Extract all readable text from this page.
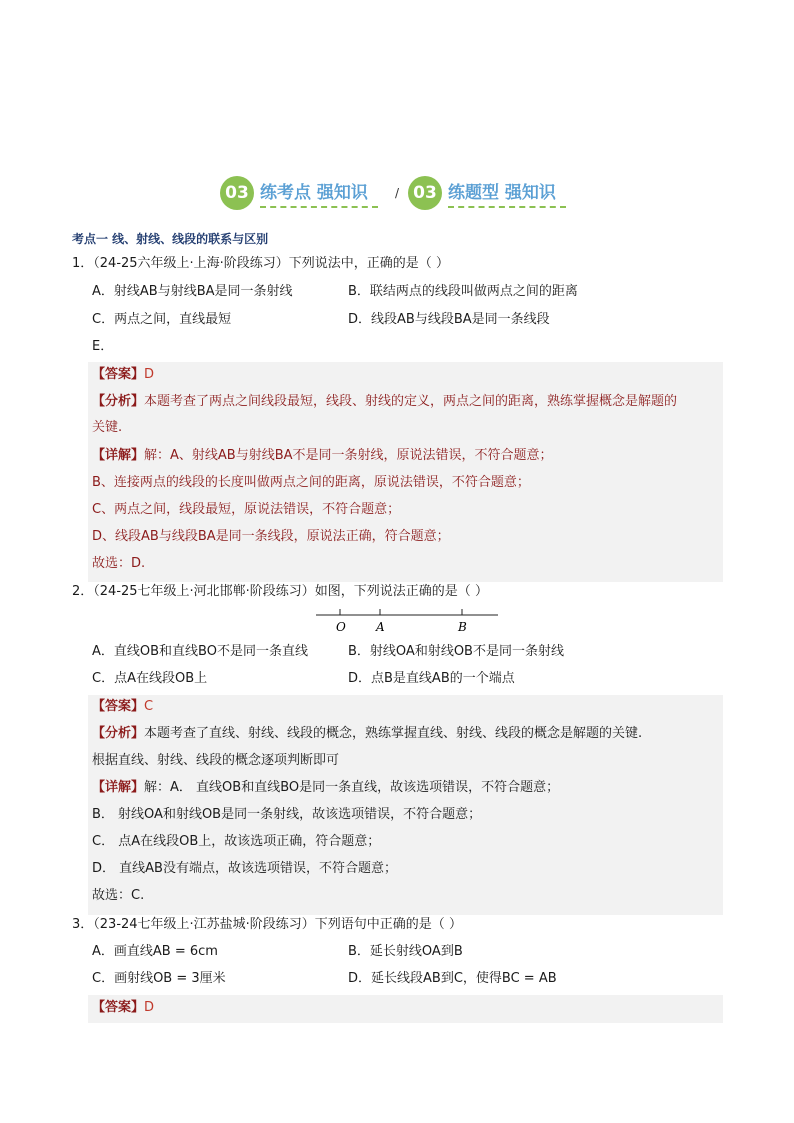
03 练考点 强知识	/ 03 练题型 强知识
考点一 线、射线、线段的联系与区别
1．（24-25六年级上·上海·阶段练习）下列说法中，正确的是（ ）
A．射线AB与射线BA是同一条射线	B．联结两点的线段叫做两点之间的距离
C．两点之间，直线最短	D．线段AB与线段BA是同一条线段
E．
【答案】D
【分析】本题考查了两点之间线段最短，线段、射线的定义，两点之间的距离，熟练掌握概念是解题的
关键.
【详解】解：A、射线AB与射线BA不是同一条射线，原说法错误，不符合题意；
B、连接两点的线段的长度叫做两点之间的距离，原说法错误，不符合题意；
C、两点之间，线段最短，原说法错误，不符合题意；
D、线段AB与线段BA是同一条线段，原说法正确，符合题意；
故选：D.
2．（24-25七年级上·河北邯郸·阶段练习）如图，下列说法正确的是（ ）
O	A	B
A．直线OB和直线BO不是同一条直线	B．射线OA和射线OB不是同一条射线
C．点A在线段OB上	D．点B是直线AB的一个端点
【答案】C
【分析】本题考查了直线、射线、线段的概念，熟练掌握直线、射线、线段的概念是解题的关键.
根据直线、射线、线段的概念逐项判断即可
【详解】解：A． 直线OB和直线BO是同一条直线，故该选项错误，不符合题意；
B． 射线OA和射线OB是同一条射线，故该选项错误，不符合题意；
C． 点A在线段OB上，故该选项正确，符合题意；
D． 直线AB没有端点，故该选项错误，不符合题意；
故选：C.
3．（23-24七年级上·江苏盐城·阶段练习）下列语句中正确的是（ ）
A．画直线AB = 6cm	B．延长射线OA到B
C．画射线OB = 3厘米	D．延长线段AB到C，使得BC = AB
【答案】D
